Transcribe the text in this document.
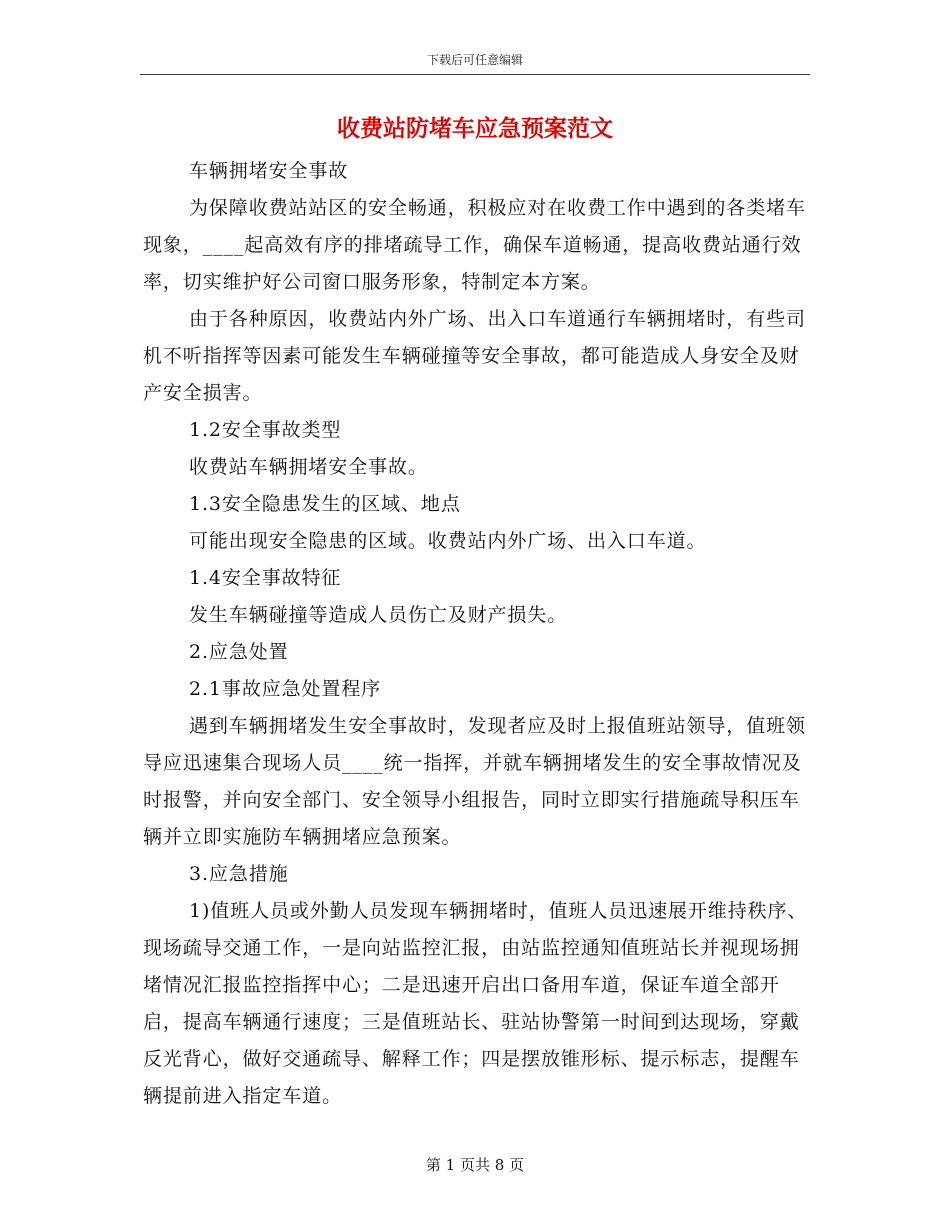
下载后可任意编辑
收费站防堵车应急预案范文

车辆拥堵安全事故

为保障收费站站区的安全畅通，积极应对在收费工作中遇到的各类堵车现象，____起高效有序的排堵疏导工作，确保车道畅通，提高收费站通行效率，切实维护好公司窗口服务形象，特制定本方案。

由于各种原因，收费站内外广场、出入口车道通行车辆拥堵时，有些司机不听指挥等因素可能发生车辆碰撞等安全事故，都可能造成人身安全及财产安全损害。

1.2安全事故类型

收费站车辆拥堵安全事故。

1.3安全隐患发生的区域、地点

可能出现安全隐患的区域。收费站内外广场、出入口车道。

1.4安全事故特征

发生车辆碰撞等造成人员伤亡及财产损失。

2.应急处置

2.1事故应急处置程序

遇到车辆拥堵发生安全事故时，发现者应及时上报值班站领导，值班领导应迅速集合现场人员____统一指挥，并就车辆拥堵发生的安全事故情况及时报警，并向安全部门、安全领导小组报告，同时立即实行措施疏导积压车辆并立即实施防车辆拥堵应急预案。

3.应急措施

1)值班人员或外勤人员发现车辆拥堵时，值班人员迅速展开维持秩序、现场疏导交通工作，一是向站监控汇报，由站监控通知值班站长并视现场拥堵情况汇报监控指挥中心；二是迅速开启出口备用车道，保证车道全部开启，提高车辆通行速度；三是值班站长、驻站协警第一时间到达现场，穿戴反光背心，做好交通疏导、解释工作；四是摆放锥形标、提示标志，提醒车辆提前进入指定车道。

第 1 页共 8 页
